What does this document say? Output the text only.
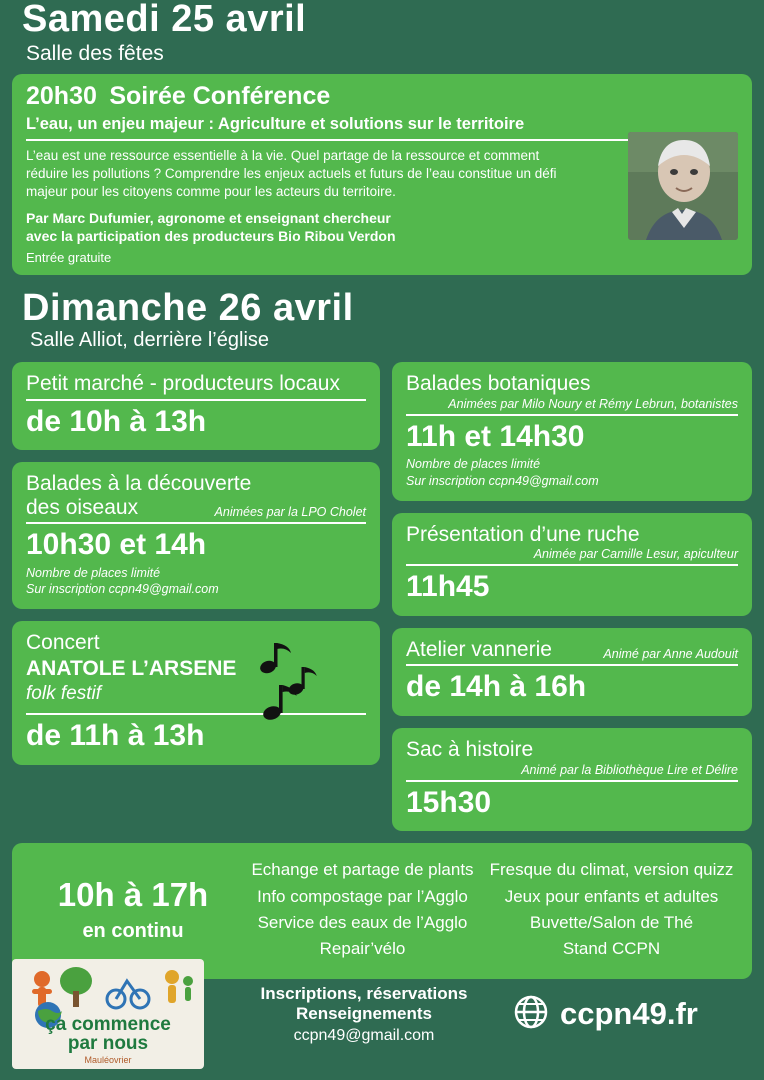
Samedi 25 avril
Salle des fêtes
20h30 Soirée Conférence
L’eau, un enjeu majeur : Agriculture et solutions sur le territoire
L’eau est une ressource essentielle à la vie. Quel partage de la ressource et comment réduire les pollutions ? Comprendre les enjeux actuels et futurs de l’eau constitue un défi majeur pour les citoyens comme pour les acteurs du territoire.
Par Marc Dufumier, agronome et enseignant chercheur
avec la participation des producteurs Bio Ribou Verdon
Entrée gratuite
Dimanche 26 avril
Salle Alliot, derrière l’église
Petit marché - producteurs locaux
de 10h à 13h
Balades à la découverte
des oiseaux	Animées par la LPO Cholet
10h30 et 14h
Nombre de places limité
Sur inscription ccpn49@gmail.com
Concert
ANATOLE L’ARSENE
folk festif
de 11h à 13h
Balades botaniques
Animées par Milo Noury et Rémy Lebrun, botanistes
11h et 14h30
Nombre de places limité
Sur inscription ccpn49@gmail.com
Présentation d’une ruche
Animée par Camille Lesur, apiculteur
11h45
Atelier vannerie	Animé par Anne Audouit
de 14h à 16h
Sac à histoire
Animé par la Bibliothèque Lire et Délire
15h30
10h à 17h
en continu
Echange et partage de plants
Info compostage par l’Agglo
Service des eaux de l’Agglo
Repair’vélo
Fresque du climat, version quizz
Jeux pour enfants et adultes
Buvette/Salon de Thé
Stand CCPN
ça commence
par nous
Mauléovrier
Inscriptions, réservations
Renseignements
ccpn49@gmail.com
ccpn49.fr
